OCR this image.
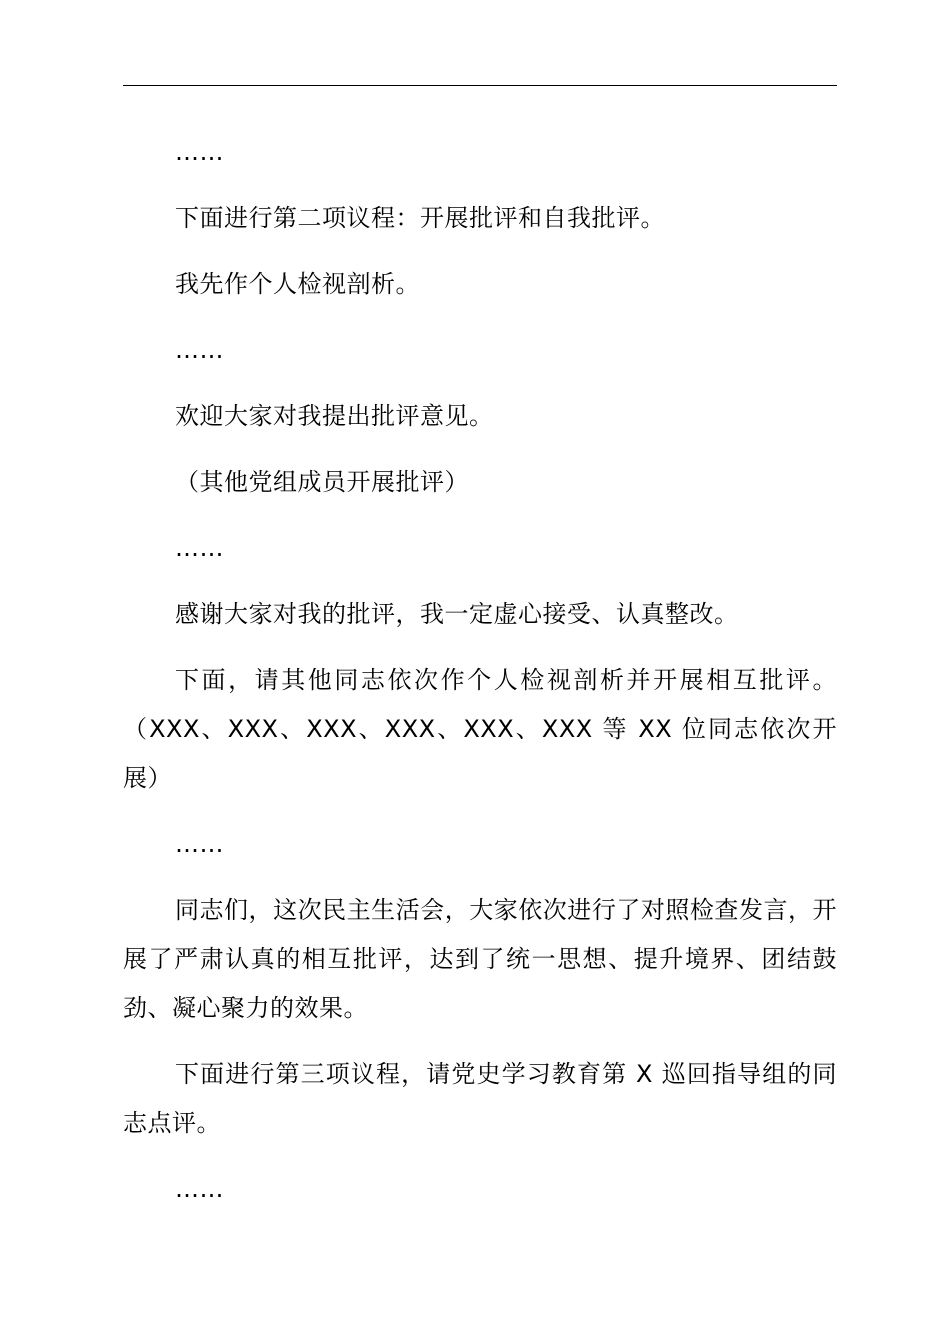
……

下面进行第二项议程：开展批评和自我批评。

我先作个人检视剖析。

……

欢迎大家对我提出批评意见。

（其他党组成员开展批评）

……

感谢大家对我的批评，我一定虚心接受、认真整改。

下面，请其他同志依次作个人检视剖析并开展相互批评。（XXX、XXX、XXX、XXX、XXX、XXX 等 XX 位同志依次开展）

……

同志们，这次民主生活会，大家依次进行了对照检查发言，开展了严肃认真的相互批评，达到了统一思想、提升境界、团结鼓劲、凝心聚力的效果。

下面进行第三项议程，请党史学习教育第 X 巡回指导组的同志点评。

……
